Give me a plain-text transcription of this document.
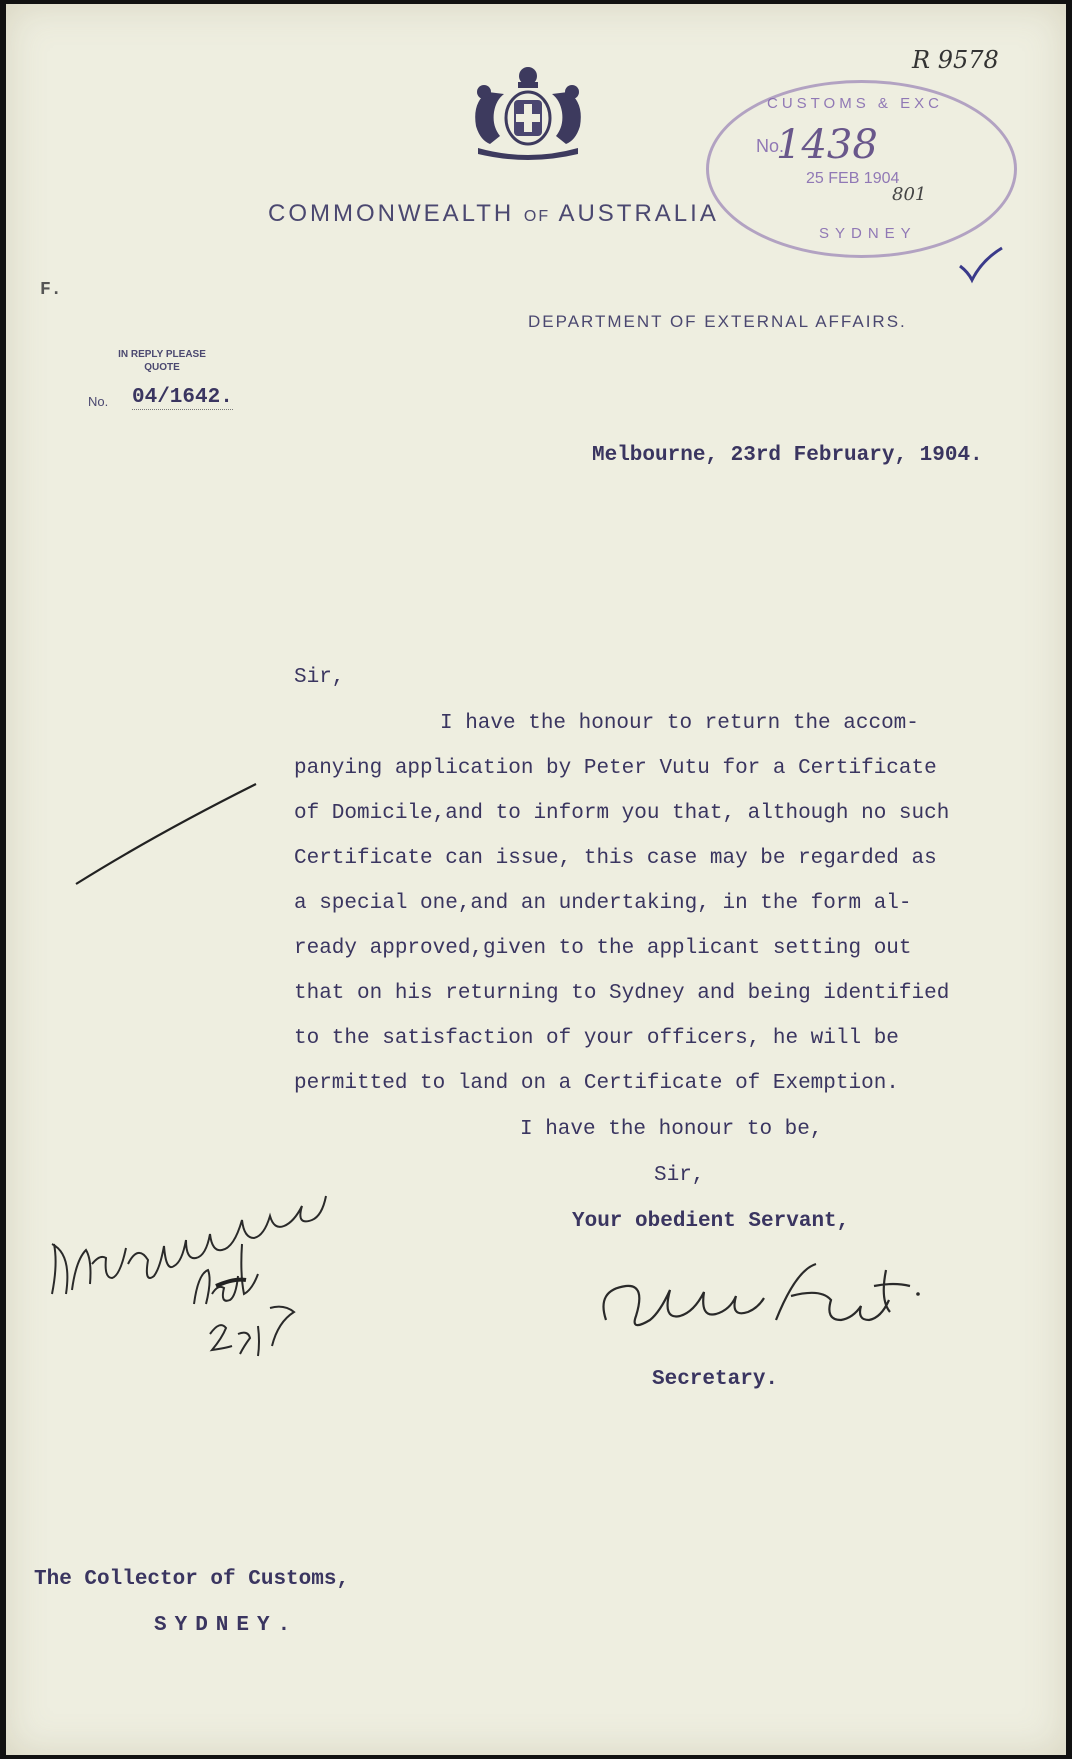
CUSTOMS & EXC
SYDNEY
No.
1438
25 FEB 1904
801
R 9578
COMMONWEALTH OF AUSTRALIA
DEPARTMENT OF EXTERNAL AFFAIRS.
F.
IN REPLY PLEASE QUOTE
No. 04/1642.
Melbourne, 23rd February, 1904.
Sir,
I have the honour to return the accom-
panying application by Peter Vutu for a Certificate
of Domicile,and to inform you that, although no such
Certificate can issue, this case may be regarded as
a special one,and an undertaking, in the form al-
ready approved,given to the applicant setting out
that on his returning to Sydney and being identified
to the satisfaction of your officers, he will be
permitted to land on a Certificate of Exemption.
I have the honour to be,
Sir,
Your obedient Servant,
Secretary.
The Collector of Customs,
SYDNEY.
